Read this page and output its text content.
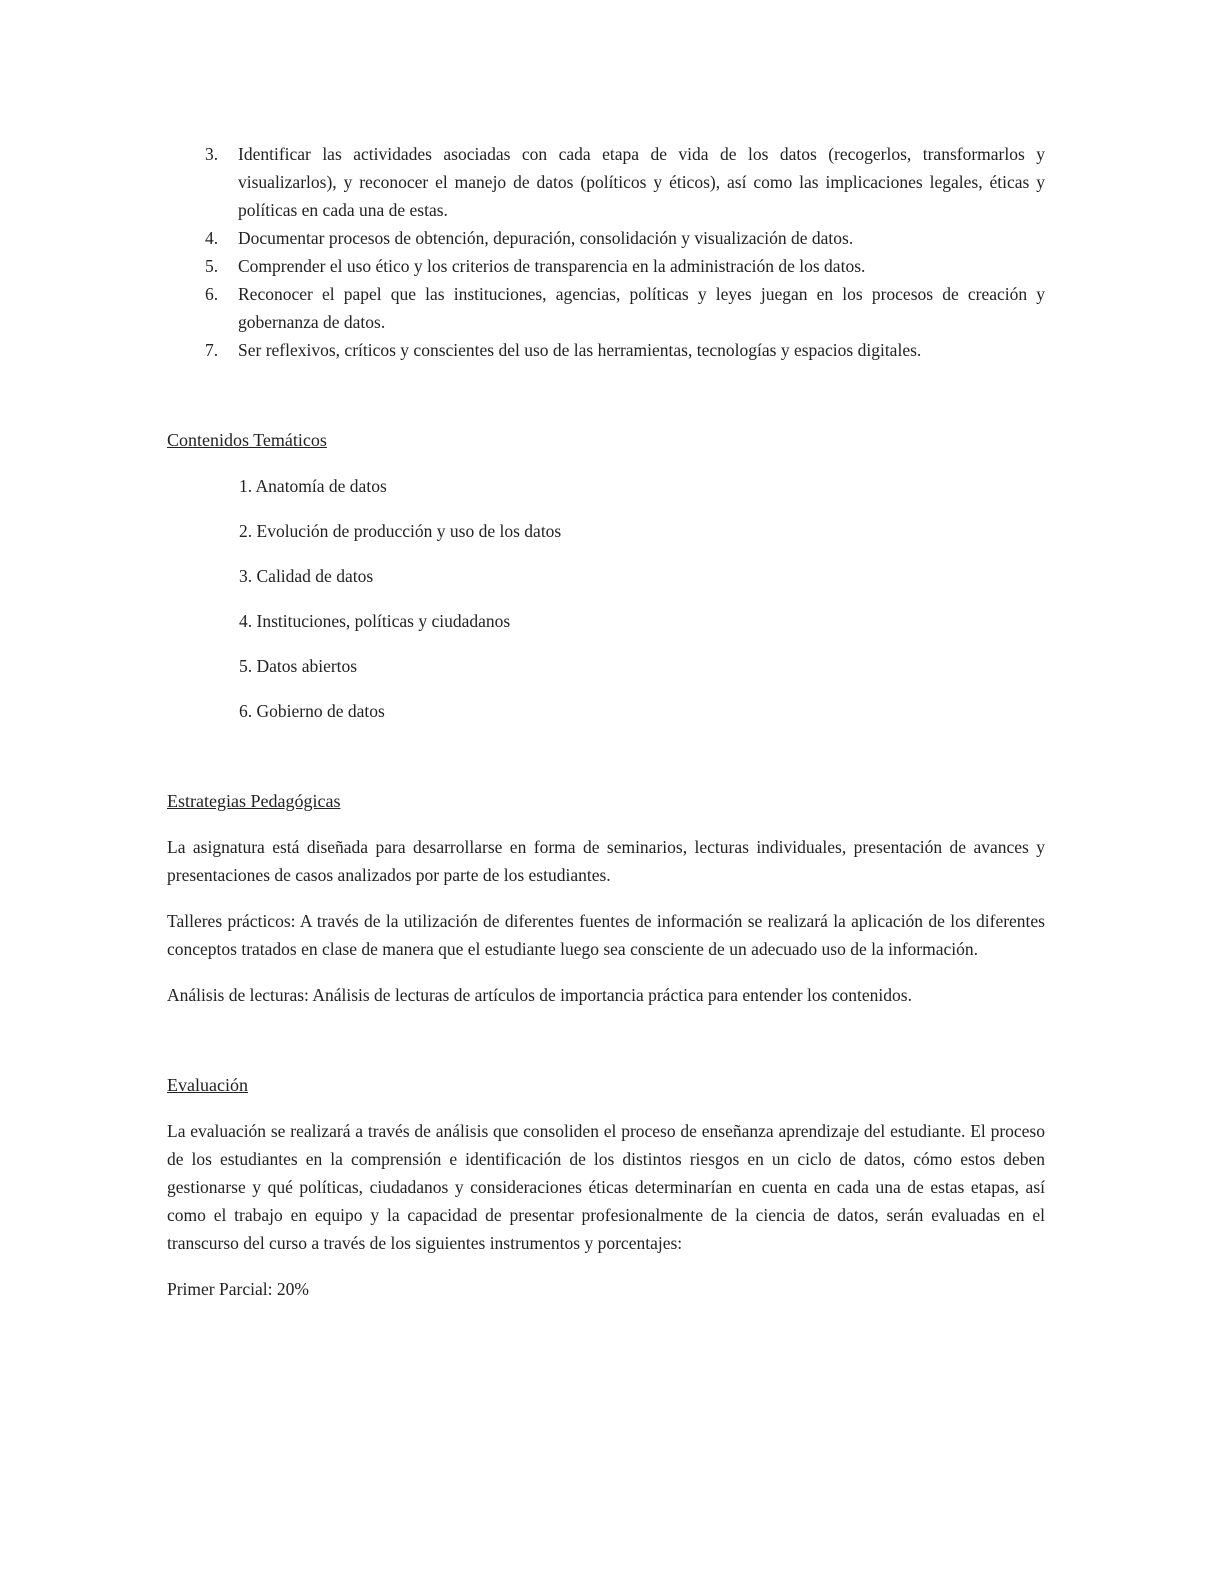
3. Identificar las actividades asociadas con cada etapa de vida de los datos (recogerlos, transformarlos y visualizarlos), y reconocer el manejo de datos (políticos y éticos), así como las implicaciones legales, éticas y políticas en cada una de estas.
4. Documentar procesos de obtención, depuración, consolidación y visualización de datos.
5. Comprender el uso ético y los criterios de transparencia en la administración de los datos.
6. Reconocer el papel que las instituciones, agencias, políticas y leyes juegan en los procesos de creación y gobernanza de datos.
7. Ser reflexivos, críticos y conscientes del uso de las herramientas, tecnologías y espacios digitales.
Contenidos Temáticos
1. Anatomía de datos
2. Evolución de producción y uso de los datos
3. Calidad de datos
4. Instituciones, políticas y ciudadanos
5. Datos abiertos
6. Gobierno de datos
Estrategias Pedagógicas

La asignatura está diseñada para desarrollarse en forma de seminarios, lecturas individuales, presentación de avances y presentaciones de casos analizados por parte de los estudiantes.

Talleres prácticos: A través de la utilización de diferentes fuentes de información se realizará la aplicación de los diferentes conceptos tratados en clase de manera que el estudiante luego sea consciente de un adecuado uso de la información.

Análisis de lecturas: Análisis de lecturas de artículos de importancia práctica para entender los contenidos.

Evaluación

La evaluación se realizará a través de análisis que consoliden el proceso de enseñanza aprendizaje del estudiante. El proceso de los estudiantes en la comprensión e identificación de los distintos riesgos en un ciclo de datos, cómo estos deben gestionarse y qué políticas, ciudadanos y consideraciones éticas determinarían en cuenta en cada una de estas etapas, así como el trabajo en equipo y la capacidad de presentar profesionalmente de la ciencia de datos, serán evaluadas en el transcurso del curso a través de los siguientes instrumentos y porcentajes:

Primer Parcial: 20%
